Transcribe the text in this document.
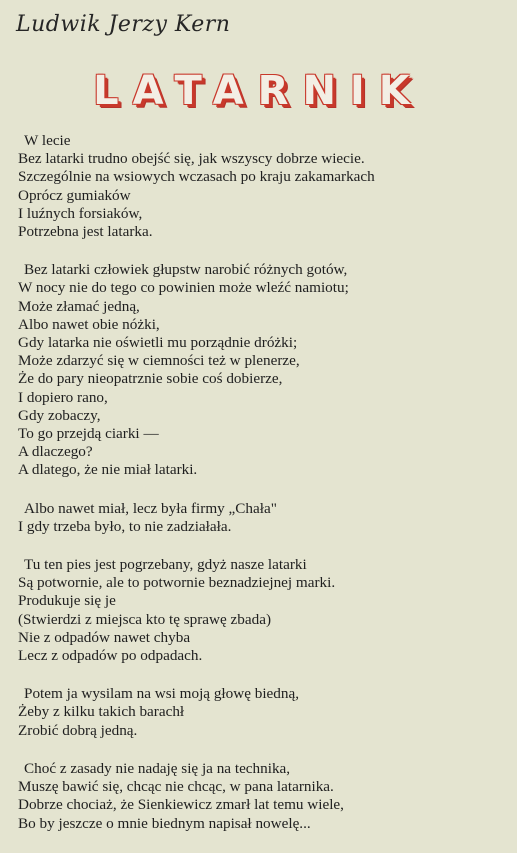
Ludwik Jerzy Kern
LATARNIK
W lecie
Bez latarki trudno obejść się, jak wszyscy dobrze wiecie.
Szczególnie na wsiowych wczasach po kraju zakamarkach
Oprócz gumiaków
I luźnych forsiaków,
Potrzebna jest latarka.
Bez latarki człowiek głupstw narobić różnych gotów,
W nocy nie do tego co powinien może wleźć namiotu;
Może złamać jedną,
Albo nawet obie nóżki,
Gdy latarka nie oświetli mu porządnie dróżki;
Może zdarzyć się w ciemności też w plenerze,
Że do pary nieopatrznie sobie coś dobierze,
I dopiero rano,
Gdy zobaczy,
To go przejdą ciarki —
A dlaczego?
A dlatego, że nie miał latarki.
Albo nawet miał, lecz była firmy „Chała"
I gdy trzeba było, to nie zadziałała.
Tu ten pies jest pogrzebany, gdyż nasze latarki
Są potwornie, ale to potwornie beznadziejnej marki.
Produkuje się je
(Stwierdzi z miejsca kto tę sprawę zbada)
Nie z odpadów nawet chyba
Lecz z odpadów po odpadach.
Potem ja wysilam na wsi moją głowę biedną,
Żeby z kilku takich barachł
Zrobić dobrą jedną.
Choć z zasady nie nadaję się ja na technika,
Muszę bawić się, chcąc nie chcąc, w pana latarnika.
Dobrze chociaż, że Sienkiewicz zmarł lat temu wiele,
Bo by jeszcze o mnie biednym napisał nowelę...
